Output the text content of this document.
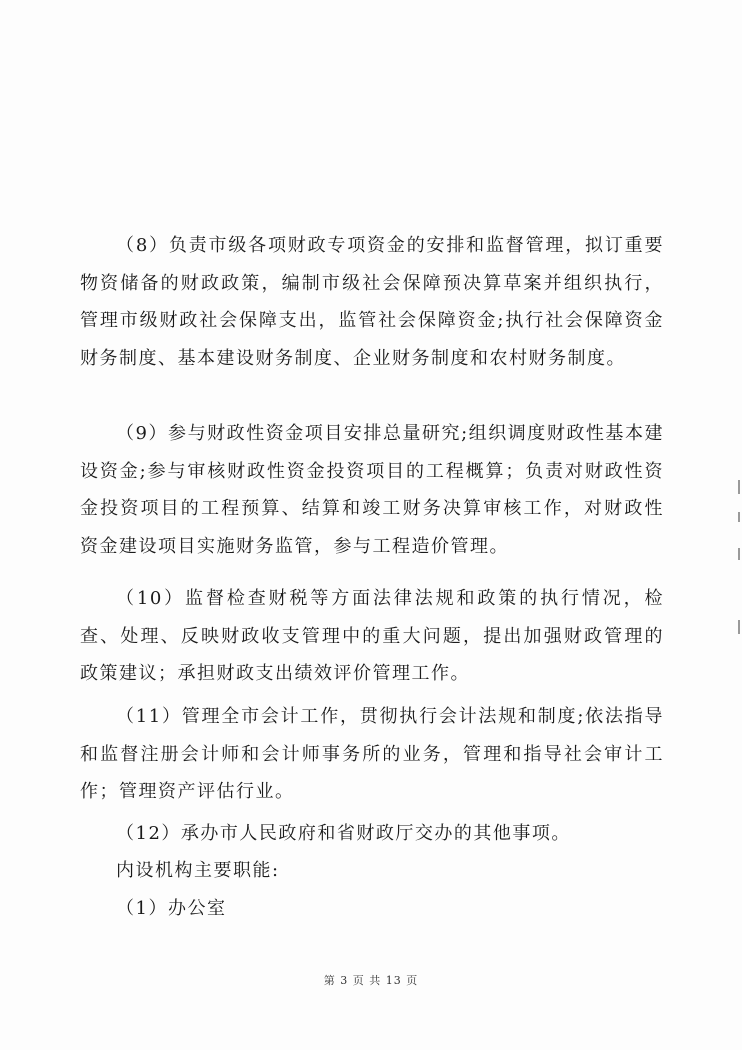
（8）负责市级各项财政专项资金的安排和监督管理，拟订重要物资储备的财政政策，编制市级社会保障预决算草案并组织执行，管理市级财政社会保障支出，监管社会保障资金;执行社会保障资金财务制度、基本建设财务制度、企业财务制度和农村财务制度。

（9）参与财政性资金项目安排总量研究;组织调度财政性基本建设资金;参与审核财政性资金投资项目的工程概算；负责对财政性资金投资项目的工程预算、结算和竣工财务决算审核工作，对财政性资金建设项目实施财务监管，参与工程造价管理。

（10）监督检查财税等方面法律法规和政策的执行情况，检查、处理、反映财政收支管理中的重大问题，提出加强财政管理的政策建议；承担财政支出绩效评价管理工作。

（11）管理全市会计工作，贯彻执行会计法规和制度;依法指导和监督注册会计师和会计师事务所的业务，管理和指导社会审计工作；管理资产评估行业。

（12）承办市人民政府和省财政厅交办的其他事项。

内设机构主要职能:

（1）办公室

第 3 页 共 13 页
